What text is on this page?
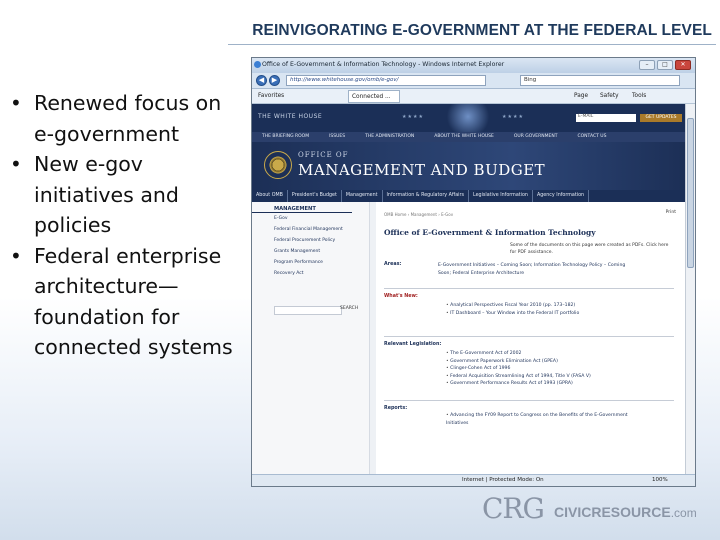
REINVIGORATING E-GOVERNMENT AT THE FEDERAL LEVEL
• Renewed focus on e-government
• New e-gov initiatives and policies
• Federal enterprise architecture—foundation for connected systems
Office of E-Government & Information Technology - Windows Internet Explorer	–	□	✕
◀	▶	http://www.whitehouse.gov/omb/e-gov/	Bing
Favorites	Connected ...	Page Safety Tools
THE WHITE HOUSE	★★★★	★★★★	E-MAIL	GET UPDATES
THE BRIEFING ROOM	ISSUES	THE ADMINISTRATION	ABOUT THE WHITE HOUSE	OUR GOVERNMENT	CONTACT US
OFFICE OF
MANAGEMENT AND BUDGET
About OMB	President's Budget	Management	Information & Regulatory Affairs	Legislative Information	Agency Information
MANAGEMENT
E-Gov
Federal Financial Management
Federal Procurement Policy
Grants Management
Program Performance
Recovery Act
SEARCH
OMB Home › Management › E-Gov	Print
Office of E-Government & Information Technology
Some of the documents on this page were created as PDFs. Click here for PDF assistance.
Areas:	E-Government Initiatives – Coming Soon; Information Technology Policy – Coming Soon; Federal Enterprise Architecture
What's New:
• Analytical Perspectives Fiscal Year 2010 (pp. 173–182)
• IT Dashboard – Your Window into the Federal IT portfolio
Relevant Legislation:
• The E-Government Act of 2002
• Government Paperwork Elimination Act (GPEA)
• Clinger-Cohen Act of 1996
• Federal Acquisition Streamlining Act of 1994, Title V (FASA V)
• Government Performance Results Act of 1993 (GPRA)
Reports:
• Advancing the FY09 Report to Congress on the Benefits of the E-Government Initiatives
Internet | Protected Mode: On	100%
CRG CIVICRESOURCE.com
